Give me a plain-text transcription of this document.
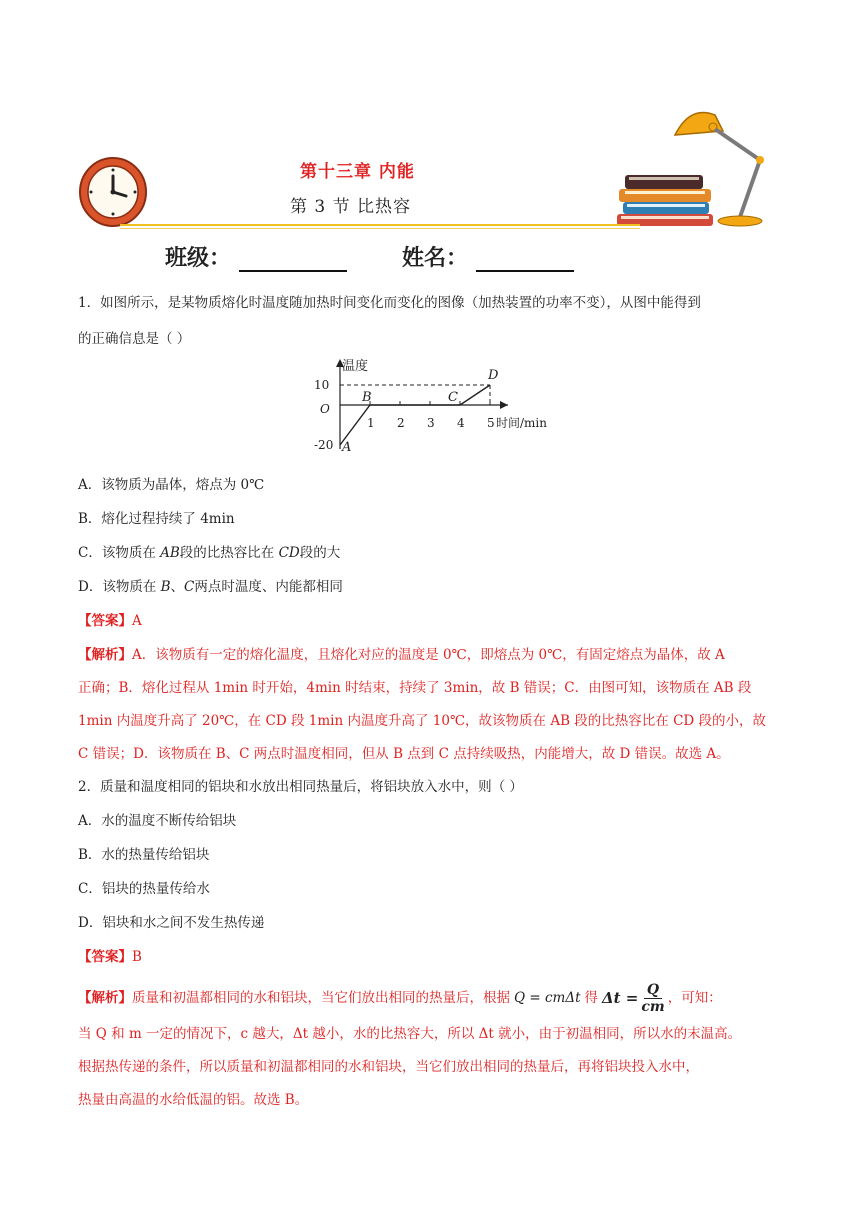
第十三章 内能
第 3 节 比热容
班级：	姓名：
1．如图所示，是某物质熔化时温度随加热时间变化而变化的图像（加热装置的功率不变），从图中能得到
的正确信息是（ ）
温度
时间/min
1 2 3 4 5
10
O
-20 A
B	C
D
A．该物质为晶体，熔点为 0℃
B．熔化过程持续了 4min
C．该物质在 AB段的比热容比在 CD段的大
D．该物质在 B、C两点时温度、内能都相同
【答案】A
【解析】A．该物质有一定的熔化温度，且熔化对应的温度是 0℃，即熔点为 0℃，有固定熔点为晶体，故 A
正确；B．熔化过程从 1min 时开始，4min 时结束，持续了 3min，故 B 错误；C．由图可知，该物质在 AB 段
1min 内温度升高了 20℃，在 CD 段 1min 内温度升高了 10℃，故该物质在 AB 段的比热容比在 CD 段的小，故
C 错误；D．该物质在 B、C 两点时温度相同，但从 B 点到 C 点持续吸热，内能增大，故 D 错误。故选 A。
2．质量和温度相同的铝块和水放出相同热量后，将铝块放入水中，则（ ）
A．水的温度不断传给铝块
B．水的热量传给铝块
C．铝块的热量传给水
D．铝块和水之间不发生热传递
【答案】B
【解析】 质量和初温都相同的水和铝块，当它们放出相同的热量后，根据 Q = cmΔt 得 $\Delta t = \frac{Q}{cm}$ ，可知：
当 Q 和 m 一定的情况下，c 越大，Δt 越小，水的比热容大，所以 Δt 就小，由于初温相同，所以水的末温高。
根据热传递的条件，所以质量和初温都相同的水和铝块，当它们放出相同的热量后，再将铝块投入水中，
热量由高温的水给低温的铝。故选 B。
